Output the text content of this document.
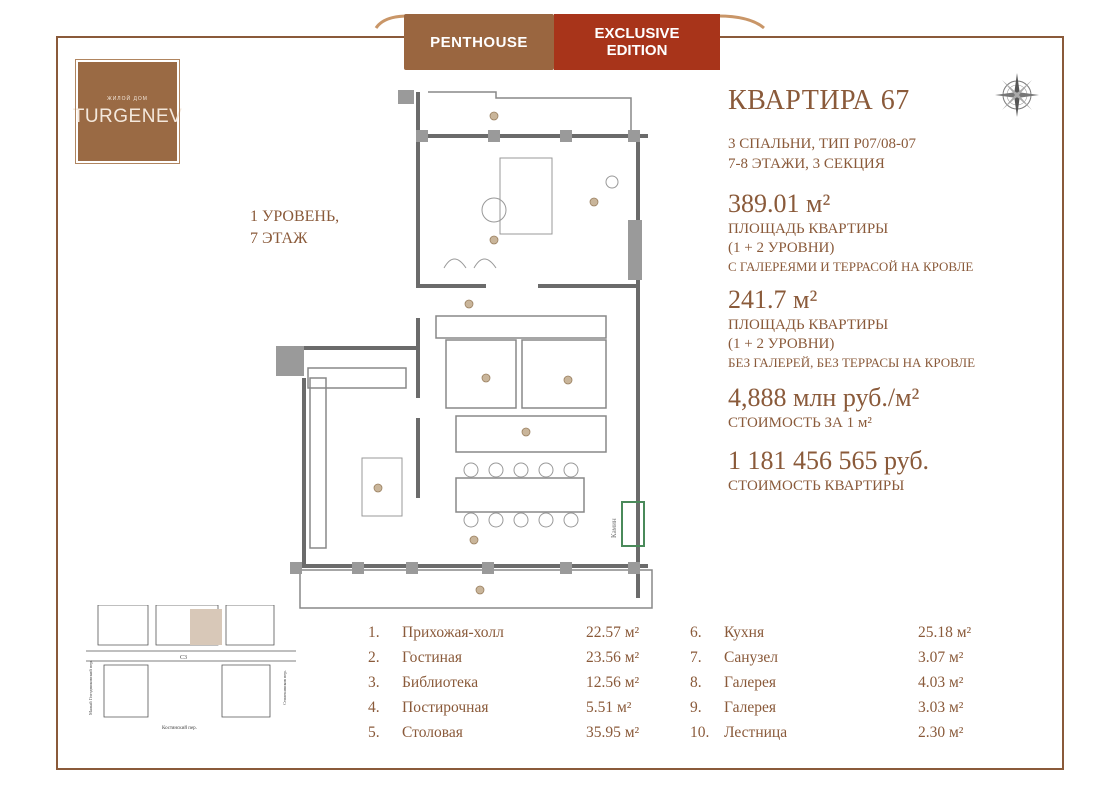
PENTHOUSE	EXCLUSIVE
EDITION
ЖИЛОЙ ДОМ
TURGENEV
1 УРОВЕНЬ,
7 ЭТАЖ
КВАРТИРА 67
3 СПАЛЬНИ, ТИП P07/08-07
7-8 ЭТАЖИ, 3 СЕКЦИЯ
389.01 м²
ПЛОЩАДЬ КВАРТИРЫ
(1 + 2 УРОВНИ)
С ГАЛЕРЕЯМИ И ТЕРРАСОЙ НА КРОВЛЕ
241.7 м²
ПЛОЩАДЬ КВАРТИРЫ
(1 + 2 УРОВНИ)
БЕЗ ГАЛЕРЕЙ, БЕЗ ТЕРРАСЫ НА КРОВЛЕ
4,888 млн руб./м²
СТОИМОСТЬ ЗА 1 м²
1 181 456 565 руб.
СТОИМОСТЬ КВАРТИРЫ
Камин
С3
Малый Гнездниковский пер.	Столешников пер.
Костянский пер.
1. Прихожая-холл	22.57 м²
2. Гостиная	23.56 м²
3. Библиотека	12.56 м²
4. Постирочная	5.51 м²
5. Столовая	35.95 м²
6. Кухня	25.18 м²
7. Санузел	3.07 м²
8. Галерея	4.03 м²
9. Галерея	3.03 м²
10. Лестница	2.30 м²
